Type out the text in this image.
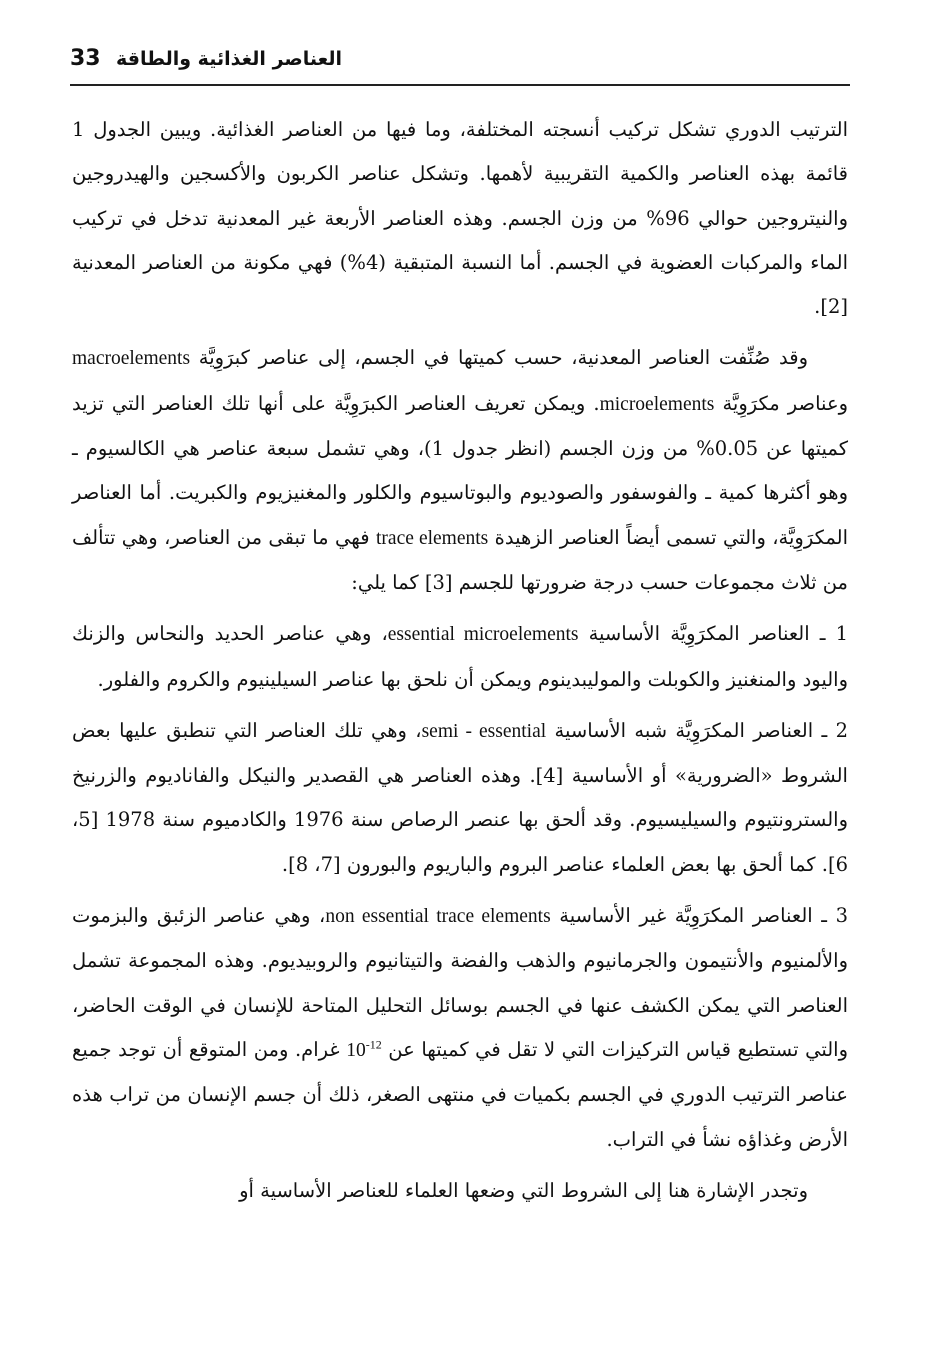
33 العناصر الغذائية والطاقة

الترتيب الدوري تشكل تركيب أنسجته المختلفة، وما فيها من العناصر الغذائية. ويبين الجدول 1 قائمة بهذه العناصر والكمية التقريبية لأهمها. وتشكل عناصر الكربون والأكسجين والهيدروجين والنيتروجين حوالي 96% من وزن الجسم. وهذه العناصر الأربعة غير المعدنية تدخل في تركيب الماء والمركبات العضوية في الجسم. أما النسبة المتبقية (4%) فهي مكونة من العناصر المعدنية [2].

وقد صُنِّفت العناصر المعدنية، حسب كميتها في الجسم، إلى عناصر كبرَوِيَّة macroelements وعناصر مكرَوِيَّة microelements. ويمكن تعريف العناصر الكبرَوِيَّة على أنها تلك العناصر التي تزيد كميتها عن 0.05% من وزن الجسم (انظر جدول 1)، وهي تشمل سبعة عناصر هي الكالسيوم ـ وهو أكثرها كمية ـ والفوسفور والصوديوم والبوتاسيوم والكلور والمغنيزيوم والكبريت. أما العناصر المكرَوِيَّة، والتي تسمى أيضاً العناصر الزهيدة trace elements فهي ما تبقى من العناصر، وهي تتألف من ثلاث مجموعات حسب درجة ضرورتها للجسم [3] كما يلي:

1 ـ العناصر المكرَوِيَّة الأساسية essential microelements، وهي عناصر الحديد والنحاس والزنك واليود والمنغنيز والكوبلت والموليبدينوم ويمكن أن نلحق بها عناصر السيلينيوم والكروم والفلور.

2 ـ العناصر المكرَوِيَّة شبه الأساسية semi - essential، وهي تلك العناصر التي تنطبق عليها بعض الشروط «الضرورية» أو الأساسية [4]. وهذه العناصر هي القصدير والنيكل والفاناديوم والزرنيخ والسترونتيوم والسيليسيوم. وقد ألحق بها عنصر الرصاص سنة 1976 والكادميوم سنة 1978 [5، 6]. كما ألحق بها بعض العلماء عناصر البروم والباريوم والبورون [7، 8].

3 ـ العناصر المكرَوِيَّة غير الأساسية non essential trace elements، وهي عناصر الزئبق والبزموت والألمنيوم والأنتيمون والجرمانيوم والذهب والفضة والتيتانيوم والروبيديوم. وهذه المجموعة تشمل العناصر التي يمكن الكشف عنها في الجسم بوسائل التحليل المتاحة للإنسان في الوقت الحاضر، والتي تستطيع قياس التركيزات التي لا تقل في كميتها عن $10^{-12}$ غرام. ومن المتوقع أن توجد جميع عناصر الترتيب الدوري في الجسم بكميات في منتهى الصغر، ذلك أن جسم الإنسان من تراب هذه الأرض وغذاؤه نشأ في التراب.

وتجدر الإشارة هنا إلى الشروط التي وضعها العلماء للعناصر الأساسية أو
